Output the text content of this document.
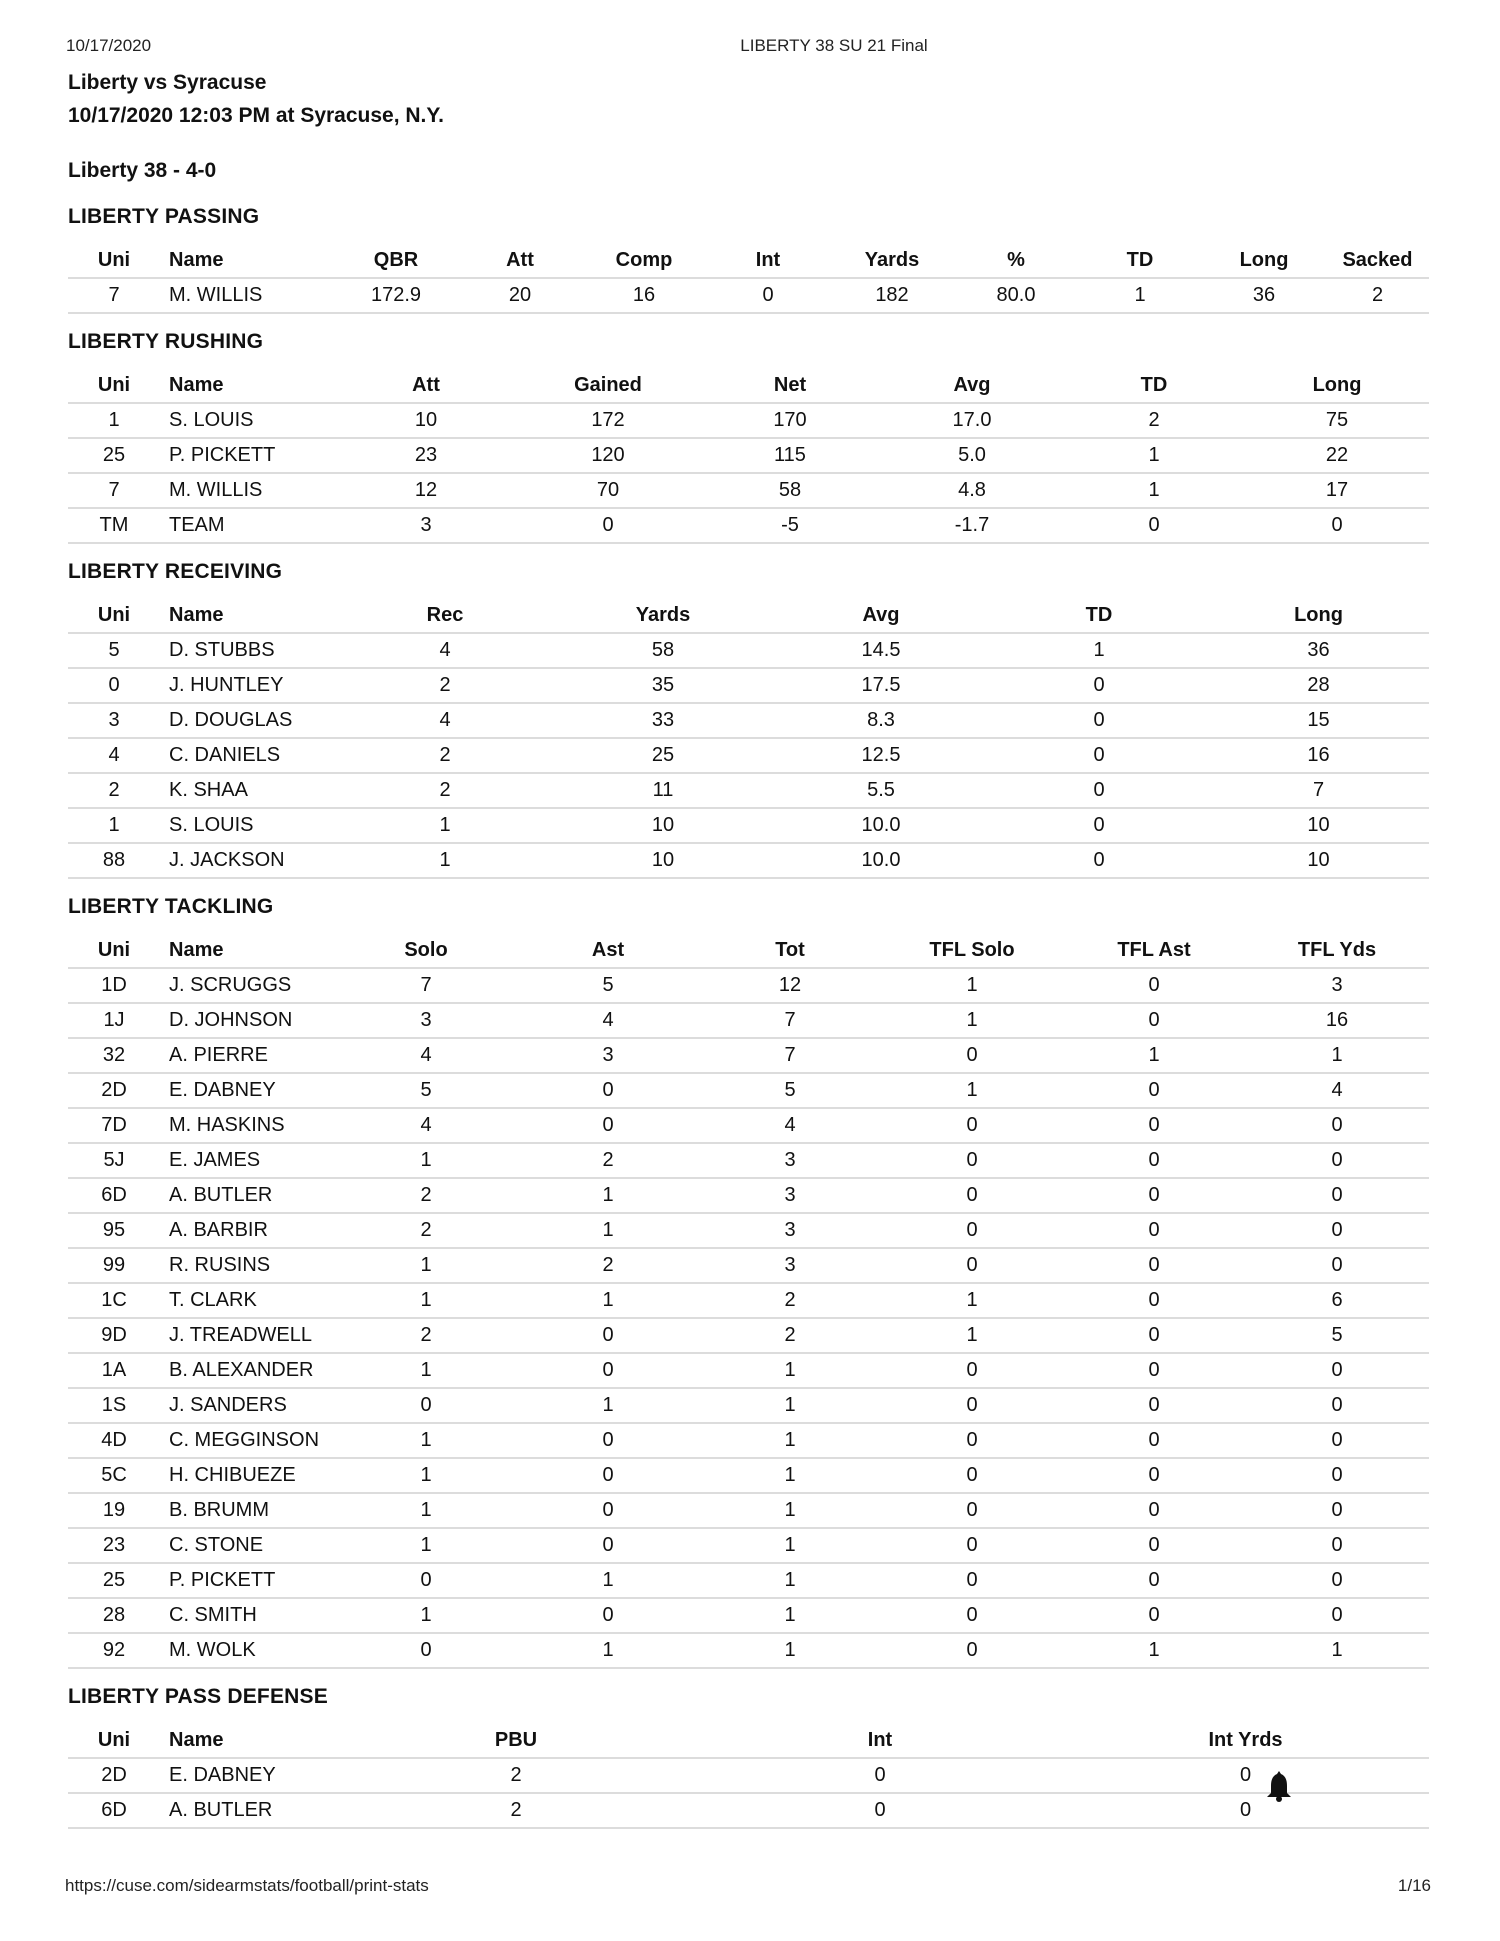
10/17/2020	LIBERTY 38 SU 21 Final
Liberty vs Syracuse
10/17/2020 12:03 PM at Syracuse, N.Y.
Liberty 38 - 4-0
LIBERTY PASSING
Uni	Name	QBR	Att	Comp	Int	Yards	%	TD	Long	Sacked
7	M. WILLIS	172.9	20	16	0	182	80.0	1	36	2
LIBERTY RUSHING
Uni	Name	Att	Gained	Net	Avg	TD	Long
1	S. LOUIS	10	172	170	17.0	2	75
25	P. PICKETT	23	120	115	5.0	1	22
7	M. WILLIS	12	70	58	4.8	1	17
TM	TEAM	3	0	-5	-1.7	0	0
LIBERTY RECEIVING
Uni	Name	Rec	Yards	Avg	TD	Long
5	D. STUBBS	4	58	14.5	1	36
0	J. HUNTLEY	2	35	17.5	0	28
3	D. DOUGLAS	4	33	8.3	0	15
4	C. DANIELS	2	25	12.5	0	16
2	K. SHAA	2	11	5.5	0	7
1	S. LOUIS	1	10	10.0	0	10
88	J. JACKSON	1	10	10.0	0	10
LIBERTY TACKLING
Uni	Name	Solo	Ast	Tot	TFL Solo	TFL Ast	TFL Yds
1D	J. SCRUGGS	7	5	12	1	0	3
1J	D. JOHNSON	3	4	7	1	0	16
32	A. PIERRE	4	3	7	0	1	1
2D	E. DABNEY	5	0	5	1	0	4
7D	M. HASKINS	4	0	4	0	0	0
5J	E. JAMES	1	2	3	0	0	0
6D	A. BUTLER	2	1	3	0	0	0
95	A. BARBIR	2	1	3	0	0	0
99	R. RUSINS	1	2	3	0	0	0
1C	T. CLARK	1	1	2	1	0	6
9D	J. TREADWELL	2	0	2	1	0	5
1A	B. ALEXANDER	1	0	1	0	0	0
1S	J. SANDERS	0	1	1	0	0	0
4D	C. MEGGINSON	1	0	1	0	0	0
5C	H. CHIBUEZE	1	0	1	0	0	0
19	B. BRUMM	1	0	1	0	0	0
23	C. STONE	1	0	1	0	0	0
25	P. PICKETT	0	1	1	0	0	0
28	C. SMITH	1	0	1	0	0	0
92	M. WOLK	0	1	1	0	1	1
LIBERTY PASS DEFENSE
Uni	Name	PBU	Int	Int Yrds
2D	E. DABNEY	2	0	0
6D	A. BUTLER	2	0	0
https://cuse.com/sidearmstats/football/print-stats	1/16
